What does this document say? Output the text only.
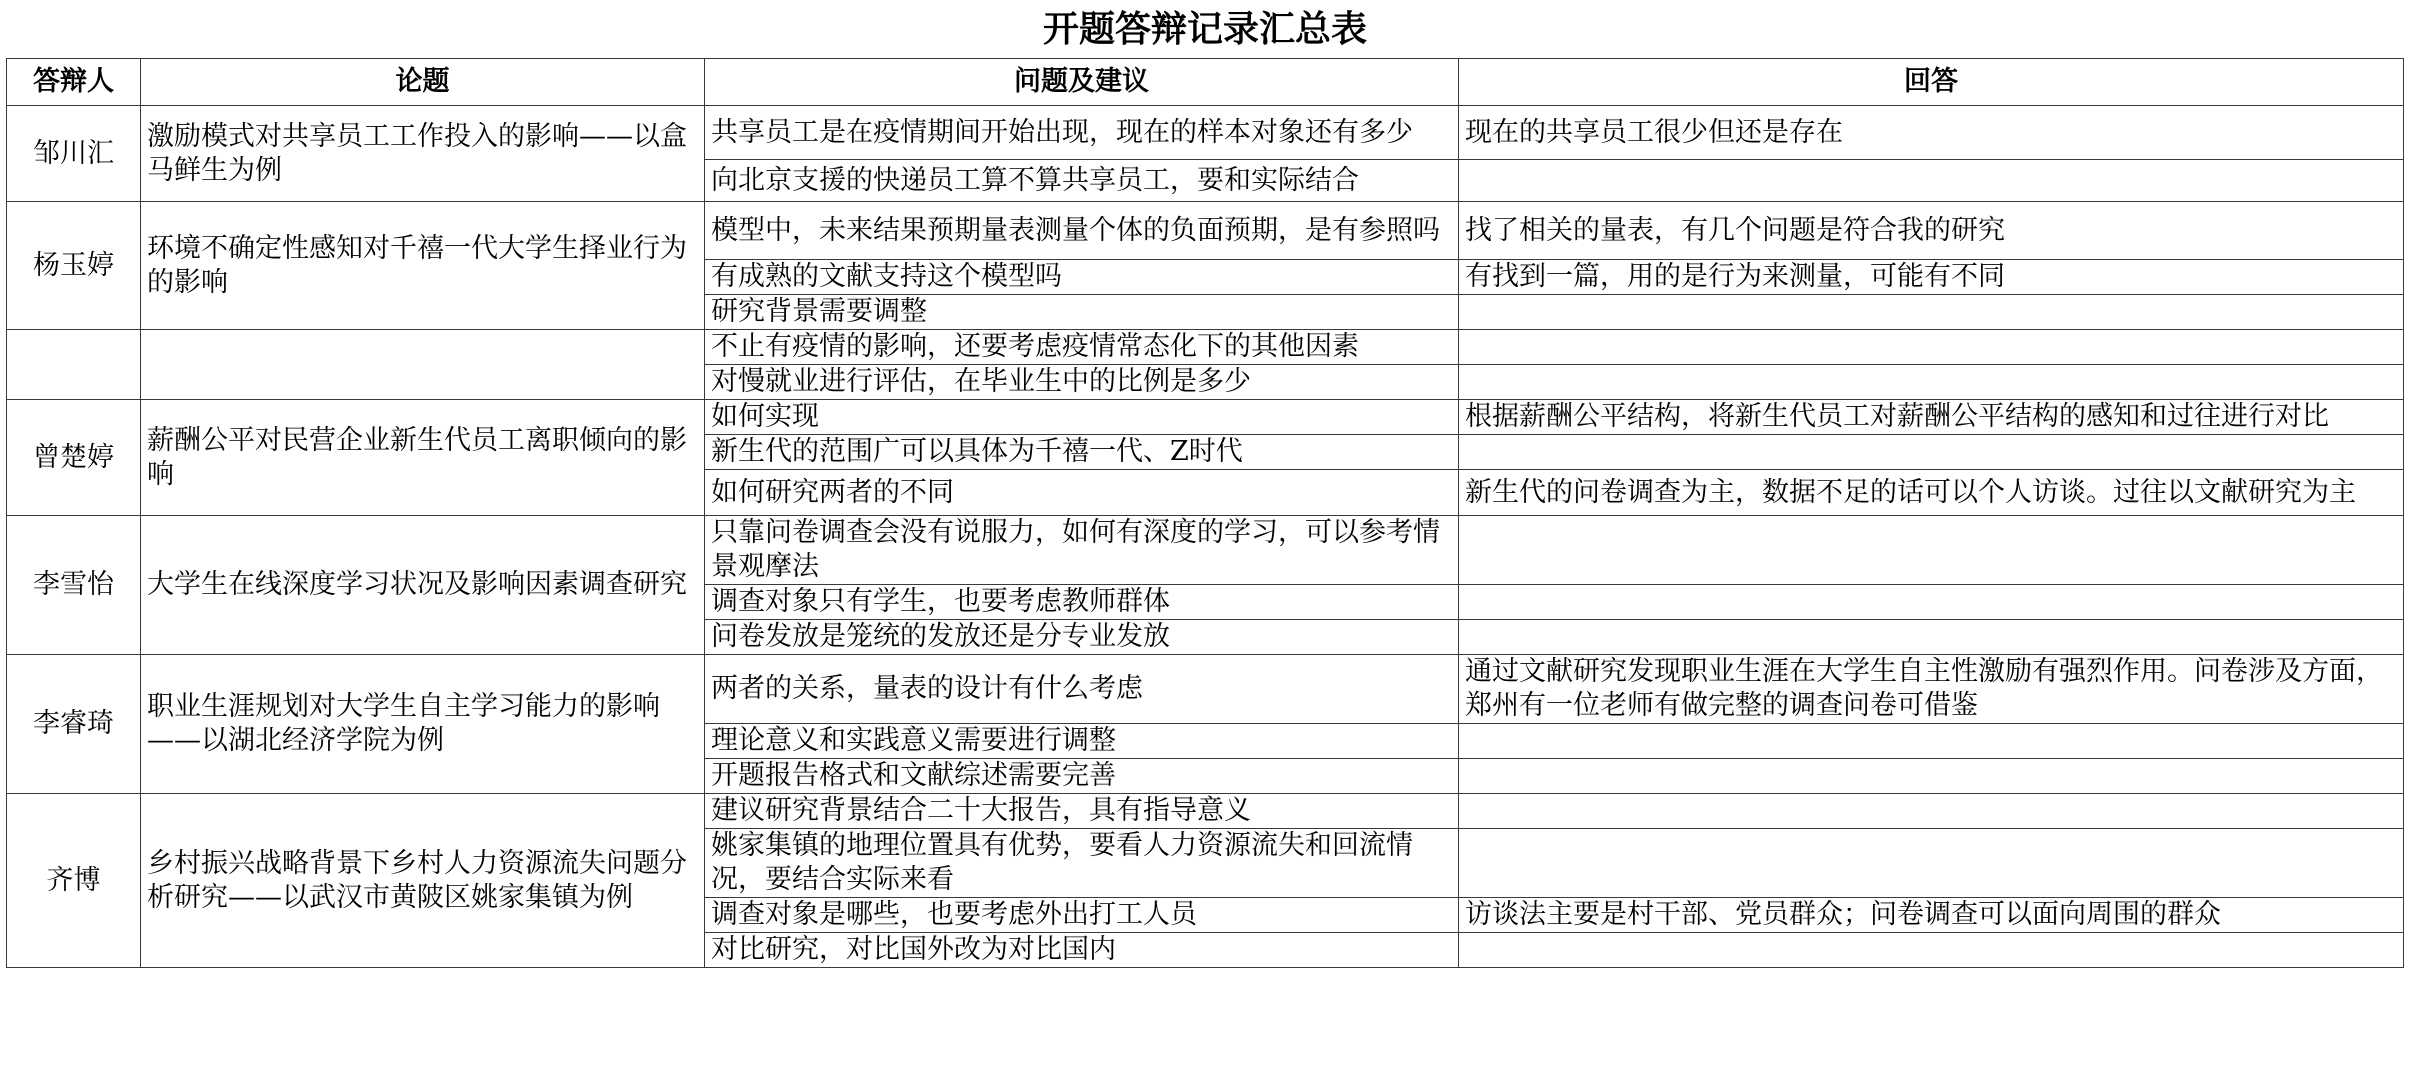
开题答辩记录汇总表			
答辩人	论题	问题及建议	回答
邹川汇	激励模式对共享员工工作投入的影响——以盒马鲜生为例	共享员工是在疫情期间开始出现，现在的样本对象还有多少	现在的共享员工很少但还是存在
		向北京支援的快递员工算不算共享员工，要和实际结合	
杨玉婷	环境不确定性感知对千禧一代大学生择业行为的影响	模型中，未来结果预期量表测量个体的负面预期，是有参照吗	找了相关的量表，有几个问题是符合我的研究
		有成熟的文献支持这个模型吗	有找到一篇，用的是行为来测量，可能有不同
		研究背景需要调整	
		不止有疫情的影响，还要考虑疫情常态化下的其他因素	
		对慢就业进行评估，在毕业生中的比例是多少	
曾楚婷	薪酬公平对民营企业新生代员工离职倾向的影响	如何实现	根据薪酬公平结构，将新生代员工对薪酬公平结构的感知和过往进行对比
		新生代的范围广可以具体为千禧一代、Z时代	
		如何研究两者的不同	新生代的问卷调查为主，数据不足的话可以个人访谈。过往以文献研究为主
李雪怡	大学生在线深度学习状况及影响因素调查研究	只靠问卷调查会没有说服力，如何有深度的学习，可以参考情景观摩法	
		调查对象只有学生，也要考虑教师群体	
		问卷发放是笼统的发放还是分专业发放	
李睿琦	职业生涯规划对大学生自主学习能力的影响——以湖北经济学院为例	两者的关系，量表的设计有什么考虑	通过文献研究发现职业生涯在大学生自主性激励有强烈作用。问卷涉及方面，郑州有一位老师有做完整的调查问卷可借鉴
		理论意义和实践意义需要进行调整	
		开题报告格式和文献综述需要完善	
齐博	乡村振兴战略背景下乡村人力资源流失问题分析研究——以武汉市黄陂区姚家集镇为例	建议研究背景结合二十大报告，具有指导意义	
		姚家集镇的地理位置具有优势，要看人力资源流失和回流情况，要结合实际来看	
		调查对象是哪些，也要考虑外出打工人员	访谈法主要是村干部、党员群众；问卷调查可以面向周围的群众
		对比研究，对比国外改为对比国内	
